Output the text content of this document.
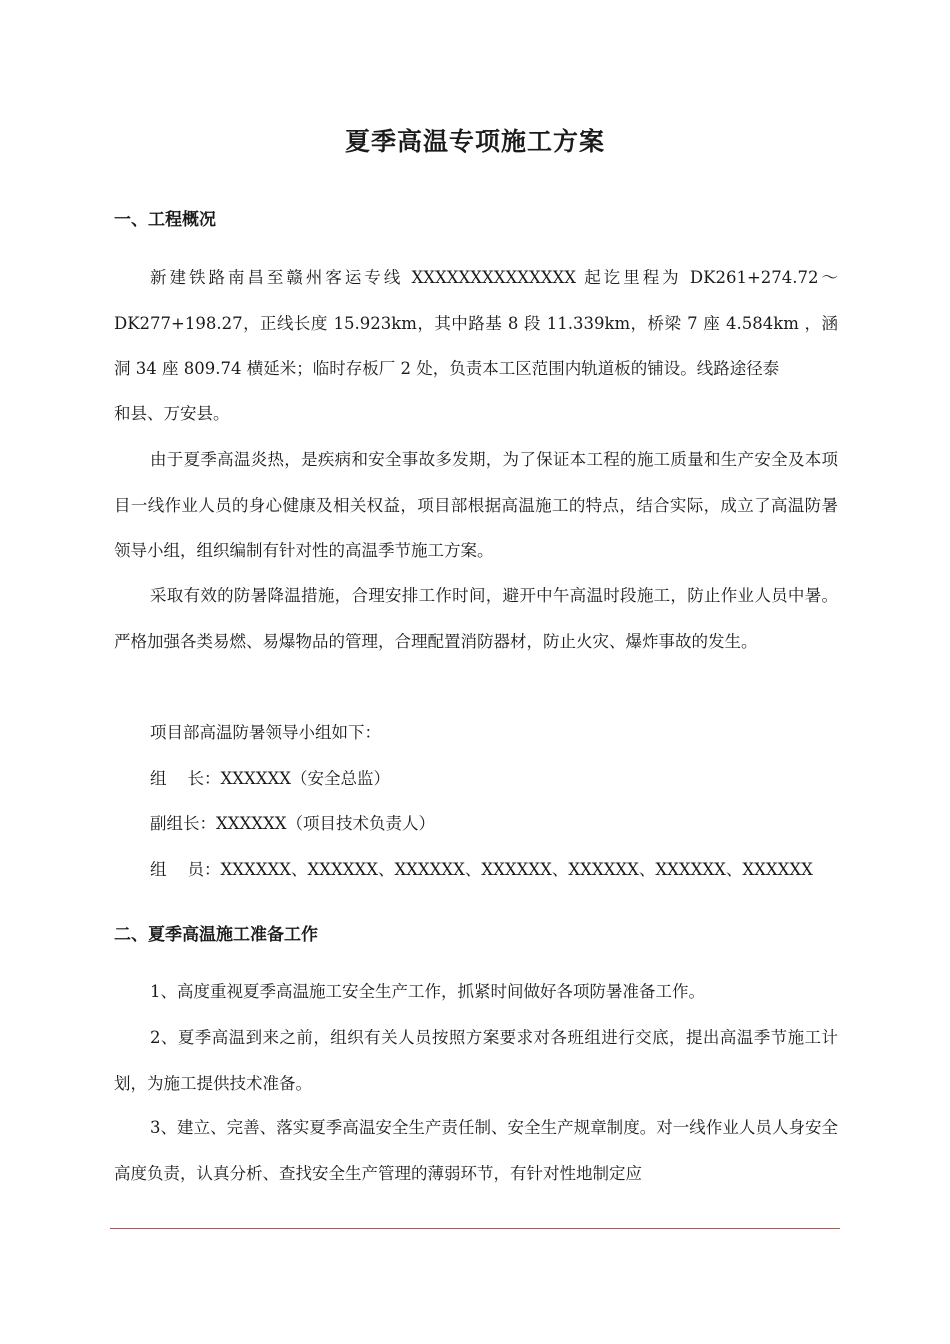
夏季高温专项施工方案
一、工程概况

新建铁路南昌至赣州客运专线 XXXXXXXXXXXXXX 起讫里程为 DK261+274.72～DK277+198.27，正线长度 15.923km，其中路基 8 段 11.339km，桥梁 7 座 4.584km ，涵洞 34 座 809.74 横延米；临时存板厂 2 处，负责本工区范围内轨道板的铺设。线路途径泰

和县、万安县。

由于夏季高温炎热，是疾病和安全事故多发期，为了保证本工程的施工质量和生产安全及本项目一线作业人员的身心健康及相关权益，项目部根据高温施工的特点，结合实际，成立了高温防暑领导小组，组织编制有针对性的高温季节施工方案。

采取有效的防暑降温措施，合理安排工作时间，避开中午高温时段施工，防止作业人员中暑。严格加强各类易燃、易爆物品的管理，合理配置消防器材，防止火灾、爆炸事故的发生。

项目部高温防暑领导小组如下：

组    长：XXXXXX（安全总监）

副组长：XXXXXX（项目技术负责人）

组    员：XXXXXX、XXXXXX、XXXXXX、XXXXXX、XXXXXX、XXXXXX、XXXXXX

二、夏季高温施工准备工作

1、高度重视夏季高温施工安全生产工作，抓紧时间做好各项防暑准备工作。

2、夏季高温到来之前，组织有关人员按照方案要求对各班组进行交底，提出高温季节施工计划，为施工提供技术准备。

3、建立、完善、落实夏季高温安全生产责任制、安全生产规章制度。对一线作业人员人身安全高度负责，认真分析、查找安全生产管理的薄弱环节，有针对性地制定应
